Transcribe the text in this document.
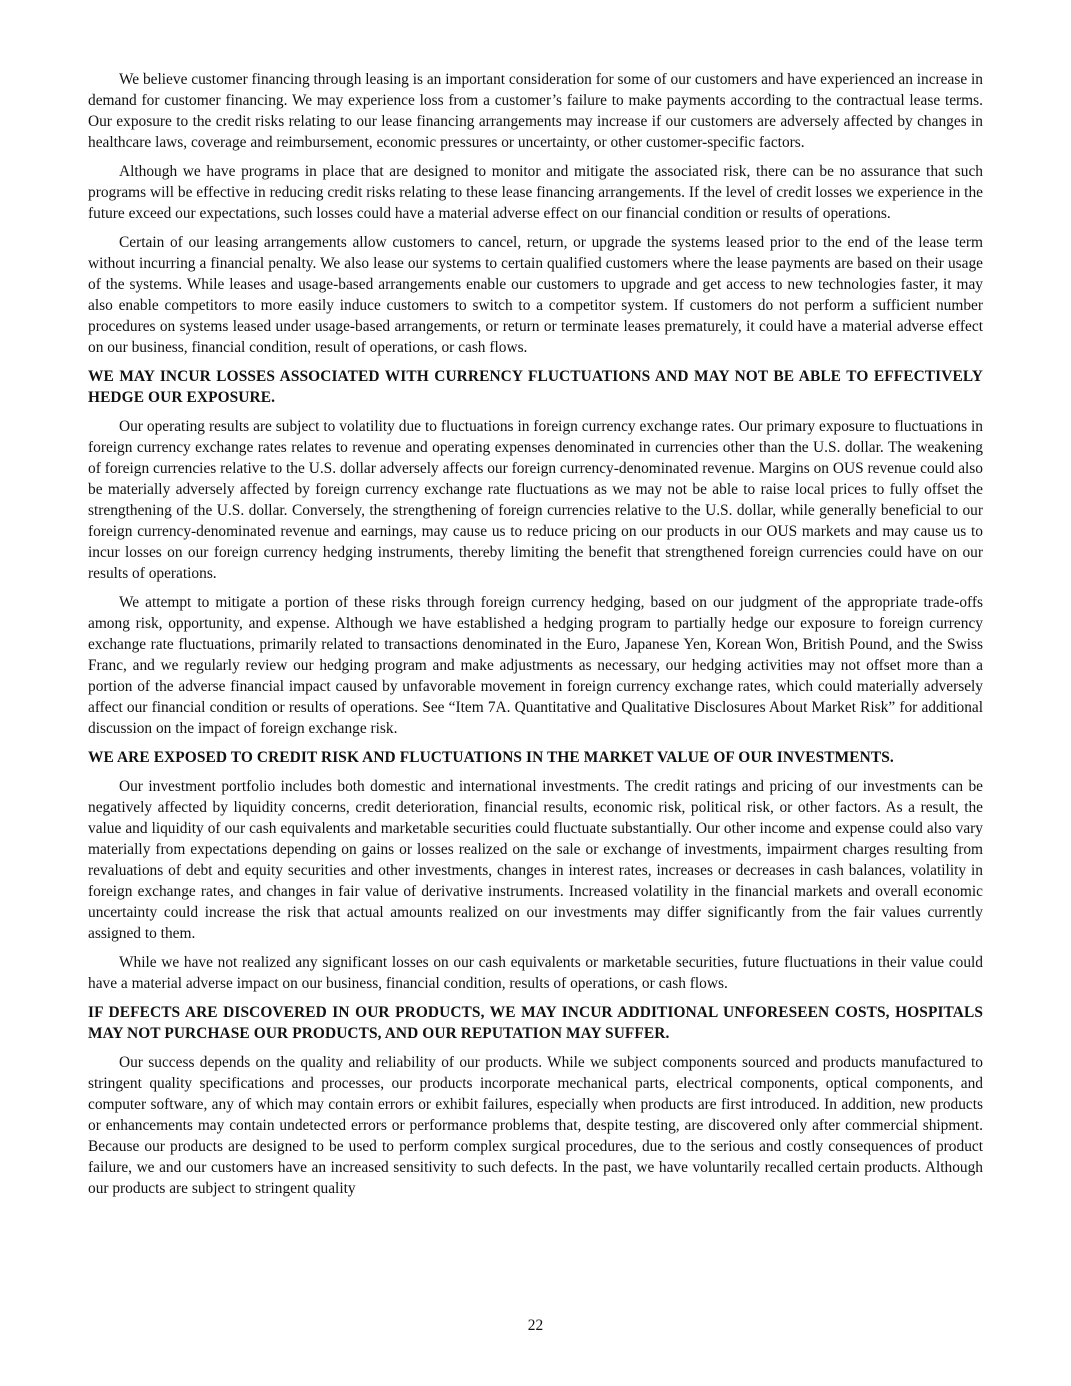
We believe customer financing through leasing is an important consideration for some of our customers and have experienced an increase in demand for customer financing. We may experience loss from a customer’s failure to make payments according to the contractual lease terms. Our exposure to the credit risks relating to our lease financing arrangements may increase if our customers are adversely affected by changes in healthcare laws, coverage and reimbursement, economic pressures or uncertainty, or other customer-specific factors.

Although we have programs in place that are designed to monitor and mitigate the associated risk, there can be no assurance that such programs will be effective in reducing credit risks relating to these lease financing arrangements. If the level of credit losses we experience in the future exceed our expectations, such losses could have a material adverse effect on our financial condition or results of operations.

Certain of our leasing arrangements allow customers to cancel, return, or upgrade the systems leased prior to the end of the lease term without incurring a financial penalty. We also lease our systems to certain qualified customers where the lease payments are based on their usage of the systems. While leases and usage-based arrangements enable our customers to upgrade and get access to new technologies faster, it may also enable competitors to more easily induce customers to switch to a competitor system. If customers do not perform a sufficient number procedures on systems leased under usage-based arrangements, or return or terminate leases prematurely, it could have a material adverse effect on our business, financial condition, result of operations, or cash flows.

WE MAY INCUR LOSSES ASSOCIATED WITH CURRENCY FLUCTUATIONS AND MAY NOT BE ABLE TO EFFECTIVELY HEDGE OUR EXPOSURE.

Our operating results are subject to volatility due to fluctuations in foreign currency exchange rates. Our primary exposure to fluctuations in foreign currency exchange rates relates to revenue and operating expenses denominated in currencies other than the U.S. dollar. The weakening of foreign currencies relative to the U.S. dollar adversely affects our foreign currency-denominated revenue. Margins on OUS revenue could also be materially adversely affected by foreign currency exchange rate fluctuations as we may not be able to raise local prices to fully offset the strengthening of the U.S. dollar. Conversely, the strengthening of foreign currencies relative to the U.S. dollar, while generally beneficial to our foreign currency-denominated revenue and earnings, may cause us to reduce pricing on our products in our OUS markets and may cause us to incur losses on our foreign currency hedging instruments, thereby limiting the benefit that strengthened foreign currencies could have on our results of operations.

We attempt to mitigate a portion of these risks through foreign currency hedging, based on our judgment of the appropriate trade-offs among risk, opportunity, and expense. Although we have established a hedging program to partially hedge our exposure to foreign currency exchange rate fluctuations, primarily related to transactions denominated in the Euro, Japanese Yen, Korean Won, British Pound, and the Swiss Franc, and we regularly review our hedging program and make adjustments as necessary, our hedging activities may not offset more than a portion of the adverse financial impact caused by unfavorable movement in foreign currency exchange rates, which could materially adversely affect our financial condition or results of operations. See “Item 7A. Quantitative and Qualitative Disclosures About Market Risk” for additional discussion on the impact of foreign exchange risk.

WE ARE EXPOSED TO CREDIT RISK AND FLUCTUATIONS IN THE MARKET VALUE OF OUR INVESTMENTS.

Our investment portfolio includes both domestic and international investments. The credit ratings and pricing of our investments can be negatively affected by liquidity concerns, credit deterioration, financial results, economic risk, political risk, or other factors. As a result, the value and liquidity of our cash equivalents and marketable securities could fluctuate substantially. Our other income and expense could also vary materially from expectations depending on gains or losses realized on the sale or exchange of investments, impairment charges resulting from revaluations of debt and equity securities and other investments, changes in interest rates, increases or decreases in cash balances, volatility in foreign exchange rates, and changes in fair value of derivative instruments. Increased volatility in the financial markets and overall economic uncertainty could increase the risk that actual amounts realized on our investments may differ significantly from the fair values currently assigned to them.

While we have not realized any significant losses on our cash equivalents or marketable securities, future fluctuations in their value could have a material adverse impact on our business, financial condition, results of operations, or cash flows.

IF DEFECTS ARE DISCOVERED IN OUR PRODUCTS, WE MAY INCUR ADDITIONAL UNFORESEEN COSTS, HOSPITALS MAY NOT PURCHASE OUR PRODUCTS, AND OUR REPUTATION MAY SUFFER.

Our success depends on the quality and reliability of our products. While we subject components sourced and products manufactured to stringent quality specifications and processes, our products incorporate mechanical parts, electrical components, optical components, and computer software, any of which may contain errors or exhibit failures, especially when products are first introduced. In addition, new products or enhancements may contain undetected errors or performance problems that, despite testing, are discovered only after commercial shipment. Because our products are designed to be used to perform complex surgical procedures, due to the serious and costly consequences of product failure, we and our customers have an increased sensitivity to such defects. In the past, we have voluntarily recalled certain products. Although our products are subject to stringent quality

22
